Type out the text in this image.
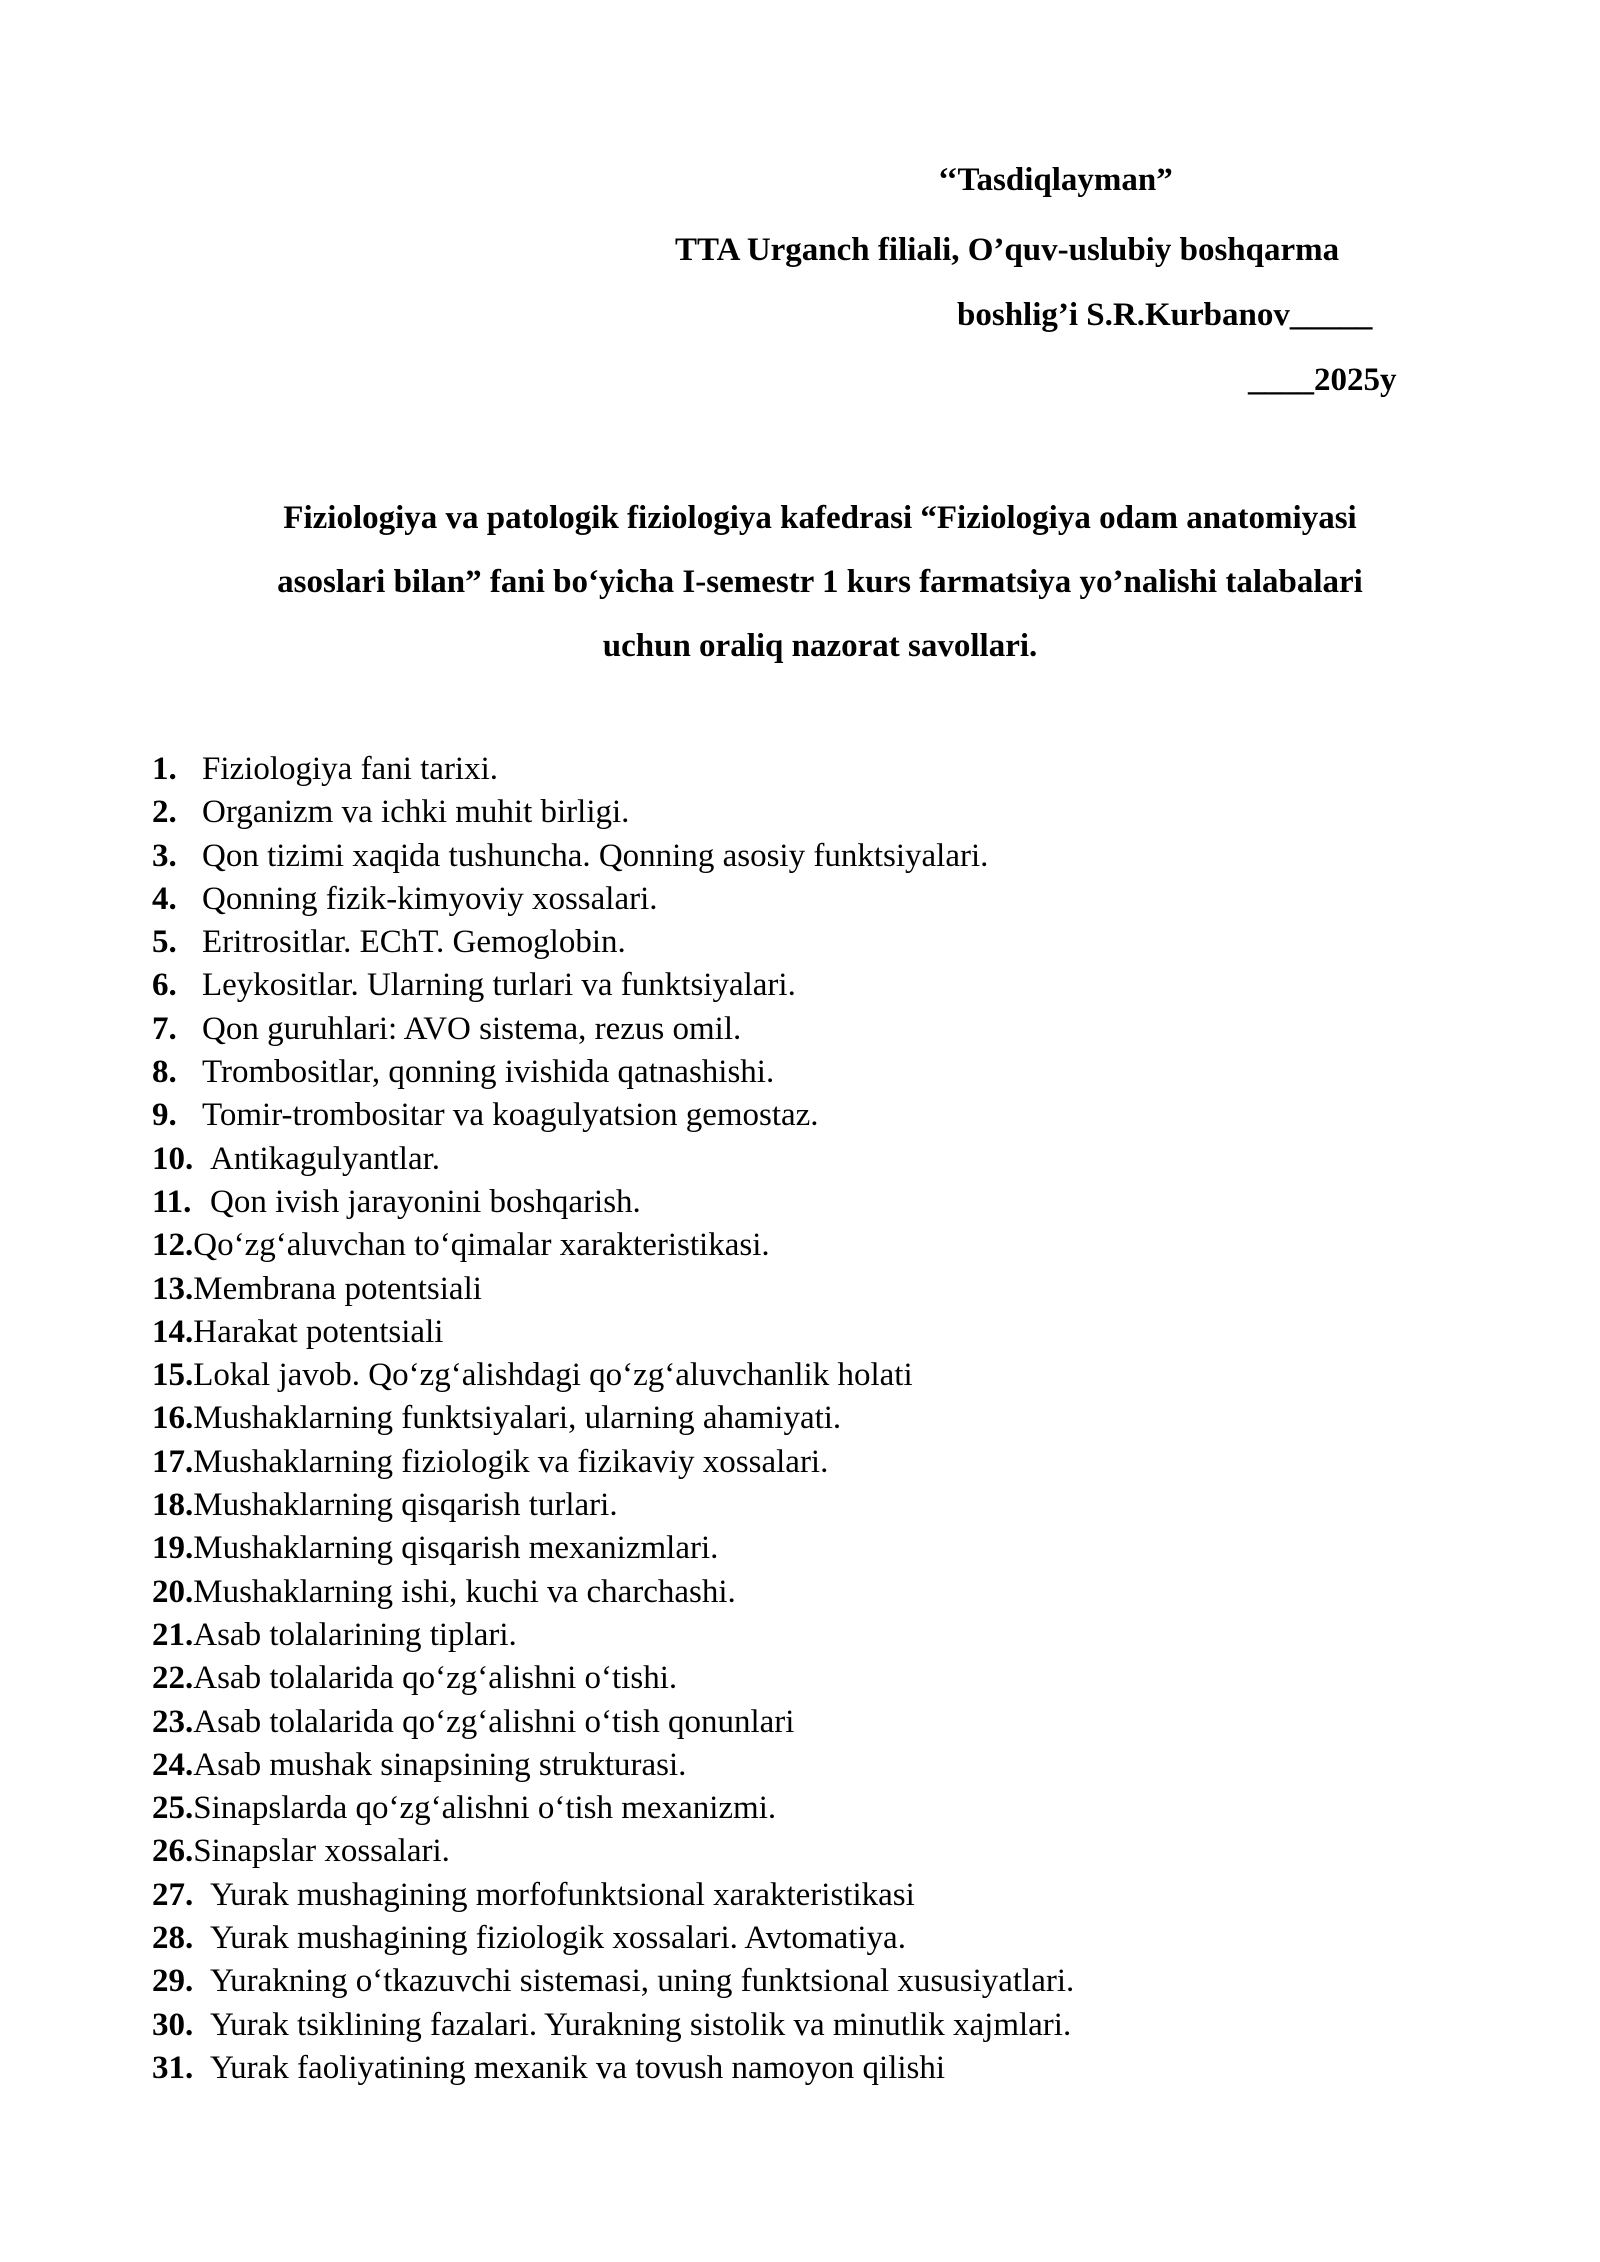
‘‘Tasdiqlayman”
TTA Urganch filiali, O’quv-uslubiy boshqarma
boshlig’i S.R.Kurbanov_____
____2025y
Fiziologiya va patologik fiziologiya kafedrasi “Fiziologiya odam anatomiyasi
asoslari bilan” fani bo‘yicha I-semestr 1 kurs farmatsiya yo’nalishi talabalari
uchun oraliq nazorat savollari.
1. Fiziologiya fani tarixi.
2. Organizm va ichki muhit birligi.
3. Qon tizimi xaqida tushuncha. Qonning asosiy funktsiyalari.
4. Qonning fizik-kimyoviy xossalari.
5. Eritrositlar. EChT. Gemoglobin.
6. Leykositlar. Ularning turlari va funktsiyalari.
7. Qon guruhlari: AVO sistema, rezus omil.
8. Trombositlar, qonning ivishida qatnashishi.
9. Tomir-trombositar va koagulyatsion gemostaz.
10. Antikagulyantlar.
11. Qon ivish jarayonini boshqarish.
12. Qo‘zg‘aluvchan to‘qimalar xarakteristikasi.
13. Membrana potentsiali
14. Harakat potentsiali
15. Lokal javob. Qo‘zg‘alishdagi qo‘zg‘aluvchanlik holati
16. Mushaklarning funktsiyalari, ularning ahamiyati.
17. Mushaklarning fiziologik va fizikaviy xossalari.
18. Mushaklarning qisqarish turlari.
19. Mushaklarning qisqarish mexanizmlari.
20. Mushaklarning ishi, kuchi va charchashi.
21. Asab tolalarining tiplari.
22. Asab tolalarida qo‘zg‘alishni o‘tishi.
23. Asab tolalarida qo‘zg‘alishni o‘tish qonunlari
24. Asab mushak sinapsining strukturasi.
25. Sinapslarda qo‘zg‘alishni o‘tish mexanizmi.
26. Sinapslar xossalari.
27. Yurak mushagining morfofunktsional xarakteristikasi
28. Yurak mushagining fiziologik xossalari. Avtomatiya.
29. Yurakning o‘tkazuvchi sistemasi, uning funktsional xususiyatlari.
30. Yurak tsiklining fazalari. Yurakning sistolik va minutlik xajmlari.
31. Yurak faoliyatining mexanik va tovush namoyon qilishi
